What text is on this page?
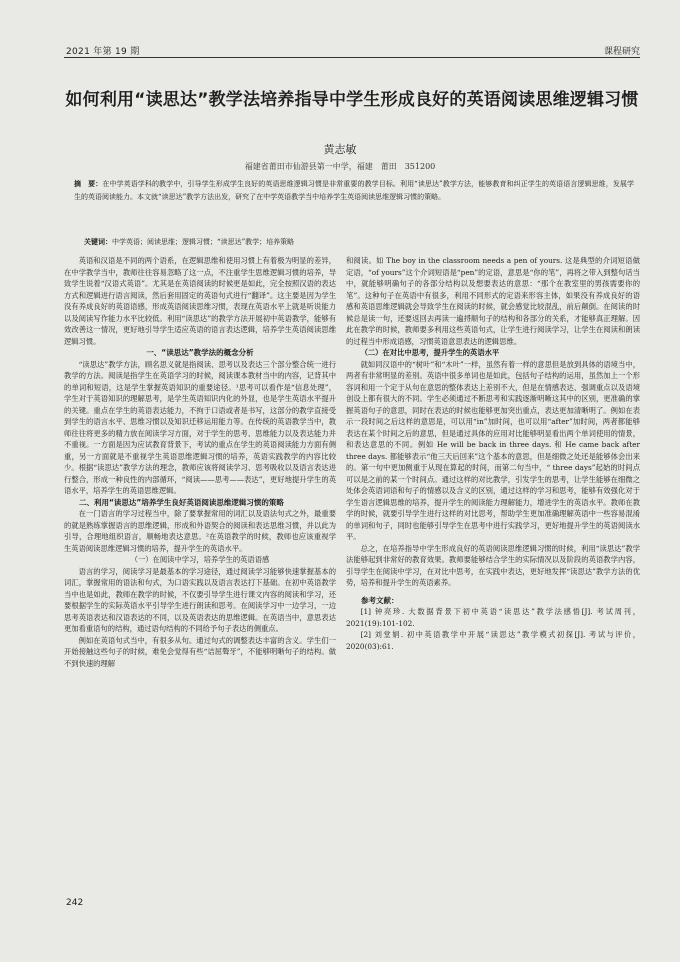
2021 年第 19 期	课程研究
如何利用“读思达”教学法培养指导中学生形成良好的英语阅读思维逻辑习惯
黄志敏
福建省莆田市仙游县第一中学，福建　莆田　351200
摘　要：在中学英语学科的教学中，引导学生形成学生良好的英语思维逻辑习惯是非常重要的教学目标。利用“读思达”教学方法，能够教育和纠正学生的英语语言逻辑思维，发展学生的英语阅读能力。本文就“读思达”教学方法出发，研究了在中学英语教学当中培养学生英语阅读思维逻辑习惯的策略。
关键词：中学英语；阅读思维；逻辑习惯；“读思达”教学；培养策略

英语和汉语是不同的两个语系，在逻辑思维和使用习惯上有着极为明显的差异，在中学教学当中，教师往往容易忽略了这一点，不注重学生思维逻辑习惯的培养，导致学生说着“汉语式英语”。尤其是在英语阅读的时候更是如此，完全按照汉语的表达方式和逻辑进行语言阅读，然后套用固定的英语句式进行“翻译”。这主要是因为学生没有养成良好的英语语感，形成英语阅读思维习惯，表现在英语水平上就是听说能力以及阅读写作能力水平比较低。利用“读思达”的教学方法开展初中英语教学，能够有效改善这一情况，更好地引导学生适应英语的语言表达逻辑，培养学生英语阅读思维逻辑习惯。

一、“读思达”教学法的概念分析

“读思达”教学方法，顾名思义就是指阅读、思考以及表达三个部分整合统一进行教学的方法。阅读是指学生在英语学习的时候，阅读课本教材当中的内容，记背其中的单词和短语，这是学生掌握英语知识的重要途径。¹思考可以看作是“信息处理”，学生对于英语知识的理解思考，是学生英语知识内化的外显，也是学生英语水平提升的关键。重点在学生的英语表达能力，不拘于口语或者是书写，这部分的教学直接受到学生的语言水平、思维习惯以及知识迁移运用能力等。在传统的英语教学当中，教师往往将更多的精力放在阅读学习方面，对于学生的思考、思维能力以及表达能力并不重视。一方面是因为应试教育背景下，考试的重点在学生的英语阅读能力方面有侧重，另一方面就是不重视学生英语思维逻辑习惯的培养，英语实践教学的内容比较少。根据“读思达”教学方法的理念，教师应该将阅读学习、思考吸收以及语言表达进行整合，形成一种良性的内部循环，“阅读——思考——表达”，更好地提升学生的英语水平，培养学生的英语思维逻辑。

二、利用“读思达”培养学生良好英语阅读思维逻辑习惯的策略

在一门语言的学习过程当中，除了要掌握常用的词汇以及语法句式之外，最重要的就是熟练掌握语言的思维逻辑，形成和外语契合的阅读和表达思维习惯，并以此为引导，合理地组织语言，顺畅地表达意思。²在英语教学的时候，教师也应该重视学生英语阅读思维逻辑习惯的培养，提升学生的英语水平。

（一）在阅读中学习，培养学生的英语语感

语言的学习，阅读学习是最基本的学习途径，通过阅读学习能够快速掌握基本的词汇，掌握常用的语法和句式，为口语实践以及语言表达打下基础。在初中英语教学当中也是如此，教师在教学的时候，不仅要引导学生进行课文内容的阅读和学习，还要根据学生的实际英语水平引导学生进行朗读和思考。在阅读学习中一边学习，一边思考英语表达和汉语表达的不同，以及英语表达的思维逻辑。在英语当中，意思表达更加看重语句的结构，通过语句结构的不同给予句子表达的侧重点。

例如在英语句式当中，有很多从句。通过句式的调整表达丰富的含义。学生们一开始接触这些句子的时候，难免会觉得有些“诘屈聱牙”，不能够明晰句子的结构。做不到快速的理解

和阅读。如 The boy in the classroom needs a pen of yours. 这是典型的介词短语做定语，“of yours”这个介词短语是“pen”的定语，意思是“你的笔”，再将之带入到整句话当中，就能够明确句子的各部分结构以及想要表达的意思：“那个在教室里的男孩需要你的笔”。这种句子在英语中有很多，利用不同形式的定语来形容主体，如果没有养成良好的语感和英语思维逻辑就会导致学生在阅读的时候，就会感觉比较混乱，前后颠倒。在阅读的时候总是读一句，还要返回去再读一遍捋顺句子的结构和各部分的关系，才能够真正理解。因此在教学的时候，教师要多利用这些英语句式，让学生进行阅读学习，让学生在阅读和朗读的过程当中形成语感，习惯英语意思表达的逻辑思维。

（二）在对比中思考，提升学生的英语水平

就如同汉语中的“树叶”和“木叶”一样，虽然有着一样的意思但是放到具体的语境当中，两者有非常明显的差别。英语中很多单词也是如此，包括句子结构的运用，虽然加上一个形容词和用一个定于从句在意思的整体表达上差别不大，但是在情感表达、强调重点以及语境创设上都有很大的不同。学生必须通过不断思考和实践逐渐明晰这其中的区别，更准确的掌握英语句子的意思，同时在表达的时候也能够更加突出重点，表达更加清晰明了。例如在表示一段时间之后这样的意思是，可以用“in”加时间，也可以用“after”加时间，两者都能够表达在某个时间之后的意思，但是通过具体的应用对比能够明显看出两个单词使用的情景，和表达意思的不同。例如 He will be back in three days. 和 He came back after three days. 都能够表示“他三天后回来”这个基本的意思，但是细微之处还是能够体会出来的。第一句中更加侧重于从现在算起的时间，而第二句当中，“ three days”起始的时间点可以是之前的某一个时间点。通过这样的对比教学，引发学生的思考，让学生能够在细微之处体会英语词语和句子的情感以及含义的区别，通过这样的学习和思考，能够有效强化对于学生语言逻辑思维的培养，提升学生的阅读能力理解能力，增进学生的英语水平。教师在教学的时候，就要引导学生进行这样的对比思考，帮助学生更加准确理解英语中一些容易混淆的单词和句子，同时也能够引导学生在思考中进行实践学习，更好地提升学生的英语阅读水平。

总之，在培养指导中学生形成良好的英语阅读思维逻辑习惯的时候，利用“读思达”教学法能够起到非常好的教育效果。教师要能够结合学生的实际情况以及阶段的英语教学内容，引导学生在阅读中学习，在对比中思考，在实践中表达，更好地发挥“读思达”教学方法的优势，培养和提升学生的英语素养。

参考文献：

[1] 钟亮珍. 大数据背景下初中英语“读思达”教学法感悟[J]. 考试周刊，2021(19):101-102.

[2] 刘堂娟. 初中英语教学中开展“读思达”教学模式初探[J]. 考试与评价，2020(03):61.

242
